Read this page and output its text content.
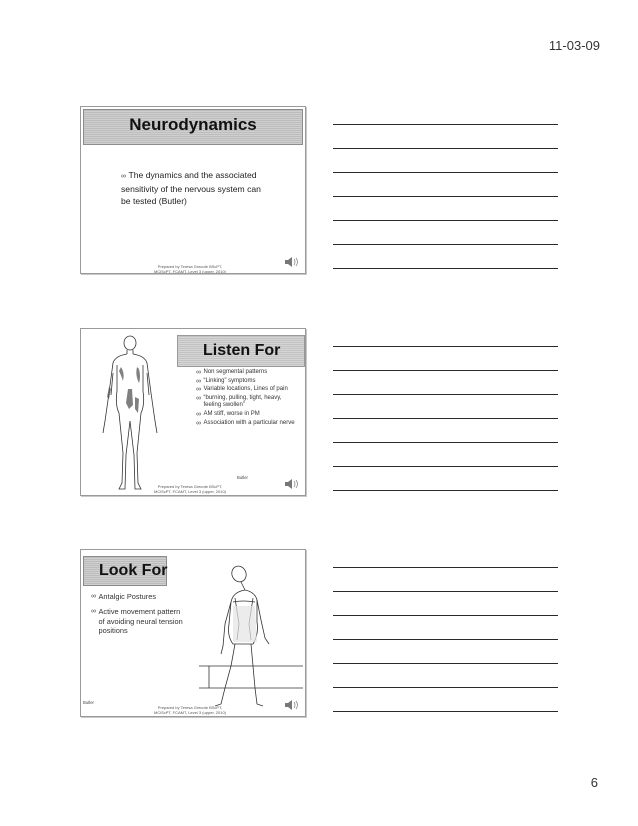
11-03-09
Neurodynamics
∞ The dynamics and the associated sensitivity of the nervous system can be tested (Butler)
Prepared by Teresa Grecote BScPT,
MClScPT, FCAMT, Level 3 (upper, 2010)
Listen For
∞ Non segmental patterns
∞ “Linking” symptoms
∞ Variable locations, Lines of pain
∞ “burning, pulling, tight, heavy, feeling swollen”
∞ AM stiff, worse in PM
∞ Association with a particular nerve
Butler
Prepared by Teresa Grecote BScPT,
MClScPT, FCAMT, Level 3 (upper, 2010)
Look For
∞ Antalgic Postures
∞ Active movement pattern of avoiding neural tension positions
Butler
Prepared by Teresa Grecote BScPT,
MClScPT, FCAMT, Level 3 (upper, 2010)
6
